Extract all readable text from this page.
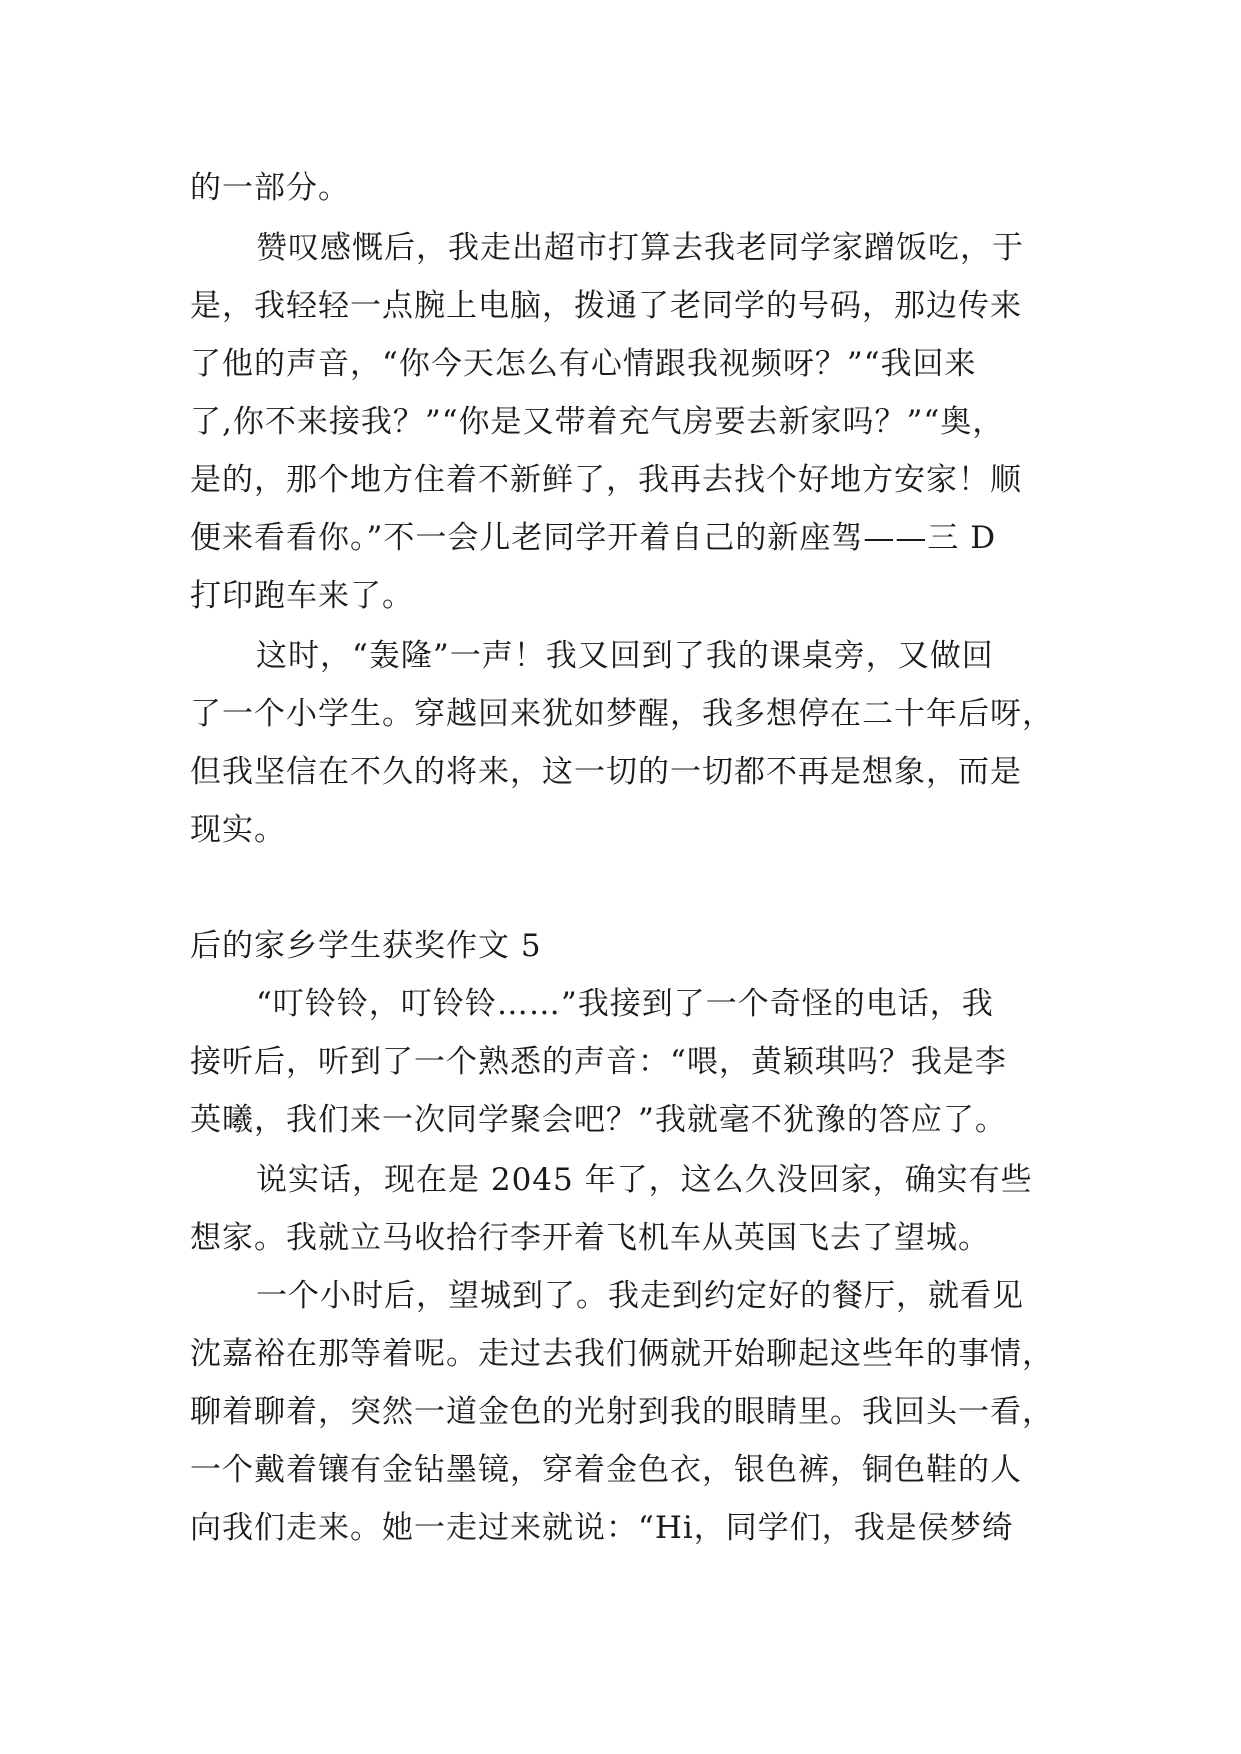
的一部分。
赞叹感慨后，我走出超市打算去我老同学家蹭饭吃，于
是，我轻轻一点腕上电脑，拨通了老同学的号码，那边传来
了他的声音，“你今天怎么有心情跟我视频呀？”“我回来
了,你不来接我？”“你是又带着充气房要去新家吗？”“奥，
是的，那个地方住着不新鲜了，我再去找个好地方安家！顺
便来看看你。”不一会儿老同学开着自己的新座驾——三 D
打印跑车来了。
这时，“轰隆”一声！我又回到了我的课桌旁，又做回
了一个小学生。穿越回来犹如梦醒，我多想停在二十年后呀，
但我坚信在不久的将来，这一切的一切都不再是想象，而是
现实。
后的家乡学生获奖作文 5
“叮铃铃，叮铃铃……”我接到了一个奇怪的电话，我
接听后，听到了一个熟悉的声音：“喂，黄颖琪吗？我是李
英曦，我们来一次同学聚会吧？”我就毫不犹豫的答应了。
说实话，现在是 2045 年了，这么久没回家，确实有些
想家。我就立马收拾行李开着飞机车从英国飞去了望城。
一个小时后，望城到了。我走到约定好的餐厅，就看见
沈嘉裕在那等着呢。走过去我们俩就开始聊起这些年的事情，
聊着聊着，突然一道金色的光射到我的眼睛里。我回头一看，
一个戴着镶有金钻墨镜，穿着金色衣，银色裤，铜色鞋的人
向我们走来。她一走过来就说：“Hi，同学们，我是侯梦绮
